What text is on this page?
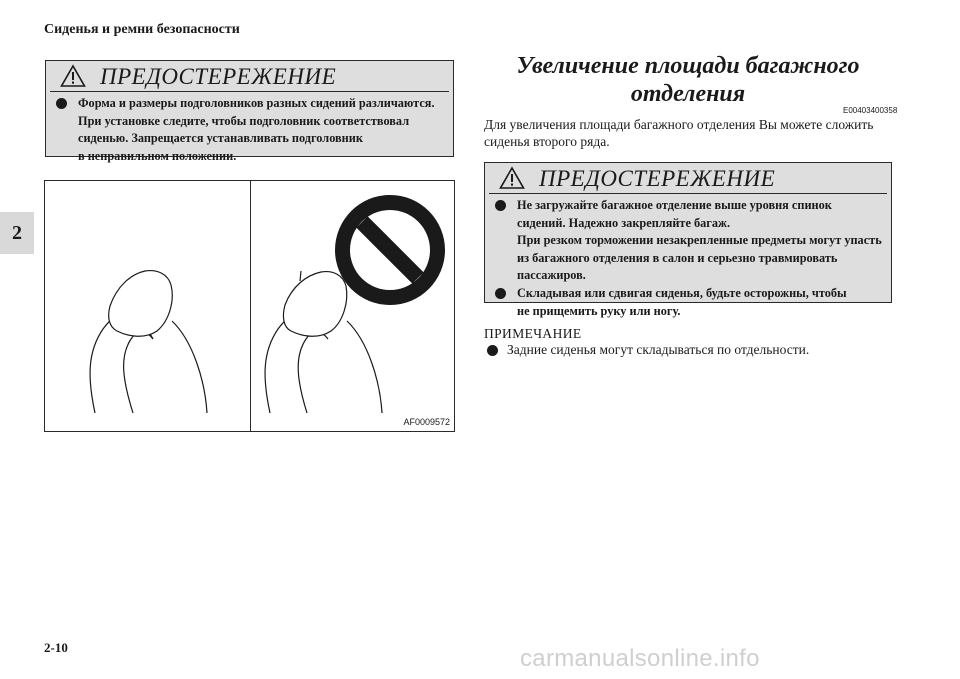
Сиденья и ремни безопасности
2
ПРЕДОСТЕРЕЖЕНИЕ
Форма и размеры подголовников разных сидений различаются.
При установке следите, чтобы подголовник соответствовал
сиденью. Запрещается устанавливать подголовник
в неправильном положении.
AF0009572
Увеличение площади багажного
отделения
E00403400358
Для увеличения площади багажного отделения Вы можете сложить
сиденья второго ряда.
ПРЕДОСТЕРЕЖЕНИЕ
Не загружайте багажное отделение выше уровня спинок
сидений. Надежно закрепляйте багаж.
При резком торможении незакрепленные предметы могут упасть
из багажного отделения в салон и серьезно травмировать
пассажиров.
Складывая или сдвигая сиденья, будьте осторожны, чтобы
не прищемить руку или ногу.
ПРИМЕЧАНИЕ
Задние сиденья могут складываться по отдельности.
2-10	carmanualsonline.info
